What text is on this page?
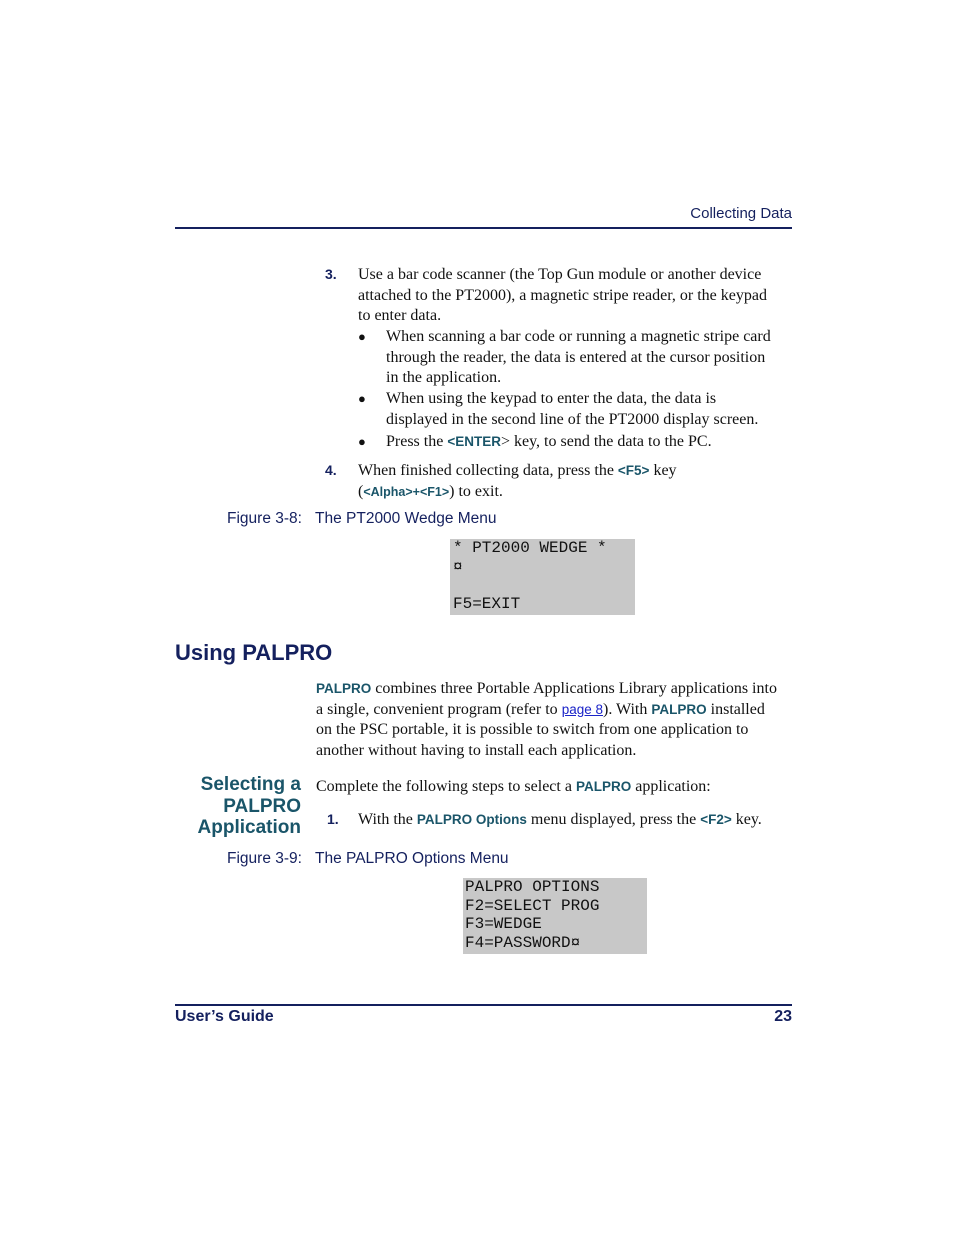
Collecting Data
3. Use a bar code scanner (the Top Gun module or another device
attached to the PT2000), a magnetic stripe reader, or the keypad
to enter data.
● When scanning a bar code or running a magnetic stripe card
through the reader, the data is entered at the cursor position
in the application.
● When using the keypad to enter the data, the data is
displayed in the second line of the PT2000 display screen.
● Press the <ENTER> key, to send the data to the PC.
4. When finished collecting data, press the <F5> key
(<Alpha>+<F1>) to exit.
Figure 3-8: The PT2000 Wedge Menu
* PT2000 WEDGE *
¤
F5=EXIT
Using PALPRO
PALPRO combines three Portable Applications Library applications into
a single, convenient program (refer to page 8). With PALPRO installed
on the PSC portable, it is possible to switch from one application to
another without having to install each application.
Selecting a
PALPRO
Application
Complete the following steps to select a PALPRO application:
1. With the PALPRO Options menu displayed, press the <F2> key.
Figure 3-9: The PALPRO Options Menu
PALPRO OPTIONS
F2=SELECT PROG
F3=WEDGE
F4=PASSWORD¤
User’s Guide	23
